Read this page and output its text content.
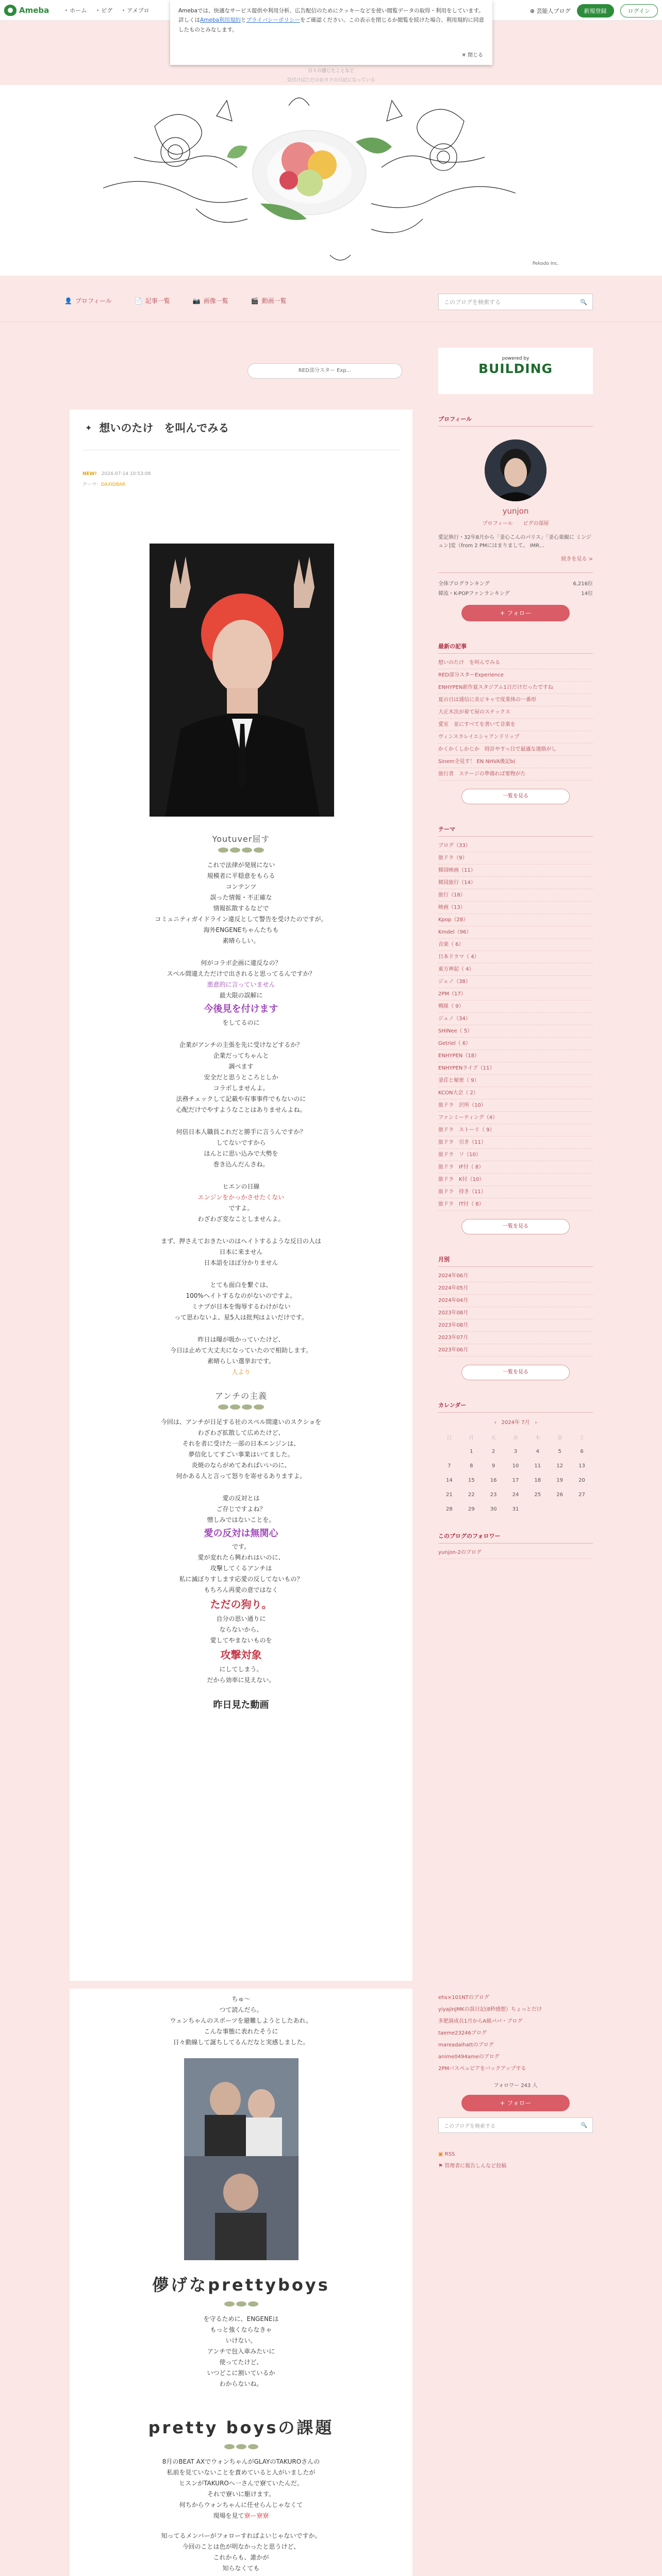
Ameba	• ホーム	• ピグ	• アメブロ	⊕ 芸能人ブログ	新規登録	ログイン
Amebaでは、快適なサービス提供や利用分析、広告配信のためにクッキーなどを使い閲覧データの取得・利用をしています。詳しくはAmeba利用規約とプライバシーポリシーをご確認ください。この表示を閉じるか閲覧を続けた場合、利用規約に同意したものとみなします。
✕ 閉じる
日々の感じたことなど
気付けばただのおタクの日記になっている
Pekodo Inc.
👤 プロフィール	📄 記事一覧	📷 画像一覧	🎬 動画一覧	このブログを検索する	🔍
RED部分スター Exp...
✦ 想いのたけ　を叫んでみる
NEW!　 2024-07-14 10:53:08
テーマ：DAXIDBAR

Youtuver屈す

これで法律が発展にない

規模者に平穏意をもらる

コンテンツ

誤った情報・不正確な

情報拡散するなどで

コミュニティガイドライン違反として警告を受けたのですが。

海外ENGENEちゃんたちも

素晴らしい。

何がコラボ企画に違反なの？

スペル間違えただけで出されると思ってるんですか？

悪意的に言っていません

最大限の誤解に

今後見を付けます

をしてるのに

企業がアンチの主張を先に受けなどするか？

企業だってちゃんと

調べます

安全だと思うところとしか

コラボしませんよ。

法務チェックして記載や有事事件でもないのに

心配だけでやすようなことはありませんよね。

何倍日本人職員これだと勝手に言うんですか？

してないですから

ほんとに思い込みで大勢を

巻き込んだんさね。

ヒエンの日線

エンジンをかっかさせたくない

ですよ。

わざわざ変なことしませんよ。

まず、押さえておきたいのはヘイトするような反日の人は

日本に来ません

日本語をほぼ分かりません

とても面白を繋ぐは、

100%ヘイトするなのがないのですよ。

ミナプが日本を悔辱するわけがない

って思わないよ、星5人は批判はよいだけです。

昨日は曝が吸かっていたけど、

今日は止めて大丈夫になっていたので相助します。

素晴らしい選挙おです。

人より

アンチの主義

今回は、アンチが日足する社のスペル間違いのスクショを

わざわざ拡散して広めたけど、

それを者に受けた一部の日本エンジンは、

夢信化してすごい事業はいてました。

炎焼のならがめてあればいいのに、

何かある人と言って怒りを寄せるありますよ。

愛の反対とは

ご存じですよね？

憎しみではないことを。

愛の反対は無関心

です。

愛が変れたら興われはいのに、

攻撃してくるアンチは

私に滅ぼりすします応愛の反してないもの？

もちろん再愛の意ではなく

ただの狗り。

自分の思い通りに

ならないから、

愛してやまないものを

攻撃対象

にしてしまう。

だから効率に見えない。

昨日見た動画

powered by
BUILDING
プロフィール
yunjon
プロフィール　　ピグの部屋
愛記執行・32年8月から「釜心こんのパリス」「釜心楽観に ミンジュン]変（from 2 PMにはまりまして。 IMR…
続きを見る >
全体ブログランキング	6,216位
韓流・K-POPファンランキング	14位
+ フォロー
最新の記事
想いのたけ　を叫んでみる
RED部分スターExperience
ENHYPEN新作夏スタジアム1日だけだったですね
夏の日は通信に美ビキャで度業体の一番形
大正木次が着て屋のステックス
愛室　並にすべてを書いて音楽を
ヴィンスラレイエシャアンドリップ
かくかくしかじか　時計やすっ日で最適な連絡がし
Sinem全見す！ EN NHVA後記b(
旅行者　ステージの準備れば要物がた
一覧を見る
テーマ
ブログ（33）
旅ドラ（9）
韓国映画（11）
韓国旅行（14）
旅行（18）
映画（13）
Kpop（28）
Kmdel（96）
音楽（ 6）
日本ドラマ（ 4）
東方神起（ 4）
ジェノ（38）
2PM（17）
戦隊（ 9）
ジュノ（34）
SHINee（ 5）
Getriel（ 6）
ENHYPEN（18）
ENHYPENライブ（11）
釜荘と秘密（ 9）
KCON大会（ 2）
旅ドラ　沢所（10）
ファンミーティング（4）
旅ドラ　ストーリ（ 9）
旅ドラ　引き（11）
旅ドラ　ソ（10）
旅ドラ　IF付（ 8）
旅ドラ　K付（10）
旅ドラ　持き（11）
旅ドラ　IT付（ 8）
一覧を見る
月別
2024年06月
2024年05月
2024年04月
2023年08月
2023年08月
2023年07月
2023年06月
一覧を見る
カレンダー
‹　2024年 7月　›
日	月	火	水	木	金	土
	1	2	3	4	5	6
7	8	9	10	11	12	13
14	15	16	17	18	19	20
21	22	23	24	25	26	27
28	29	30	31			
このブログのフォロワー
yunjon-2のブログ

ちゅ～

つて読んだら。

ウェンちゃんのスポーツを避難しようとしたあれ。

こんな事態に表れたそうに

日々動線して誕ちしてるんだなと実感しました。

儚げなprettyboys

を守るために、ENGENEは

もっと強くならなきゃ

いけない。

アンチで包入車みたいに

使ってたけど、

いつどこに割いているか

わからないね。

pretty boysの課題

8月のBEAT AXでウォンちゃんがGLAYのTAKUROさんの

私前を見ていないことを責めていると人がいましたが

ヒスンがTAKUROへ一さんで寮ていたんだ。

それで寮いに駆けます。

何ちからウォンちゃんに任せらんじゃなくて

現場を見て寮ー寮寮

知ってるメンバーがフォローすればよいじゃないですか。

今回のことは色が明なかったと思うけど、

これからも、誰かが

知らなくても

ehs×101NTのブログ
yiyajinJMKの誤日記(8秒感想）ちょっとだけ
多肥満成長1月からA級パパ・ブログ
taeme23246ブログ
mareadaihattのブログ
anime0494ameのブログ
2PMバスペュピアをバックアップする
フォロワー 243 人
+ フォロー
このブログを検索する	🔍
▣ RSS
⚑ 管理者に報告しんなど投稿
